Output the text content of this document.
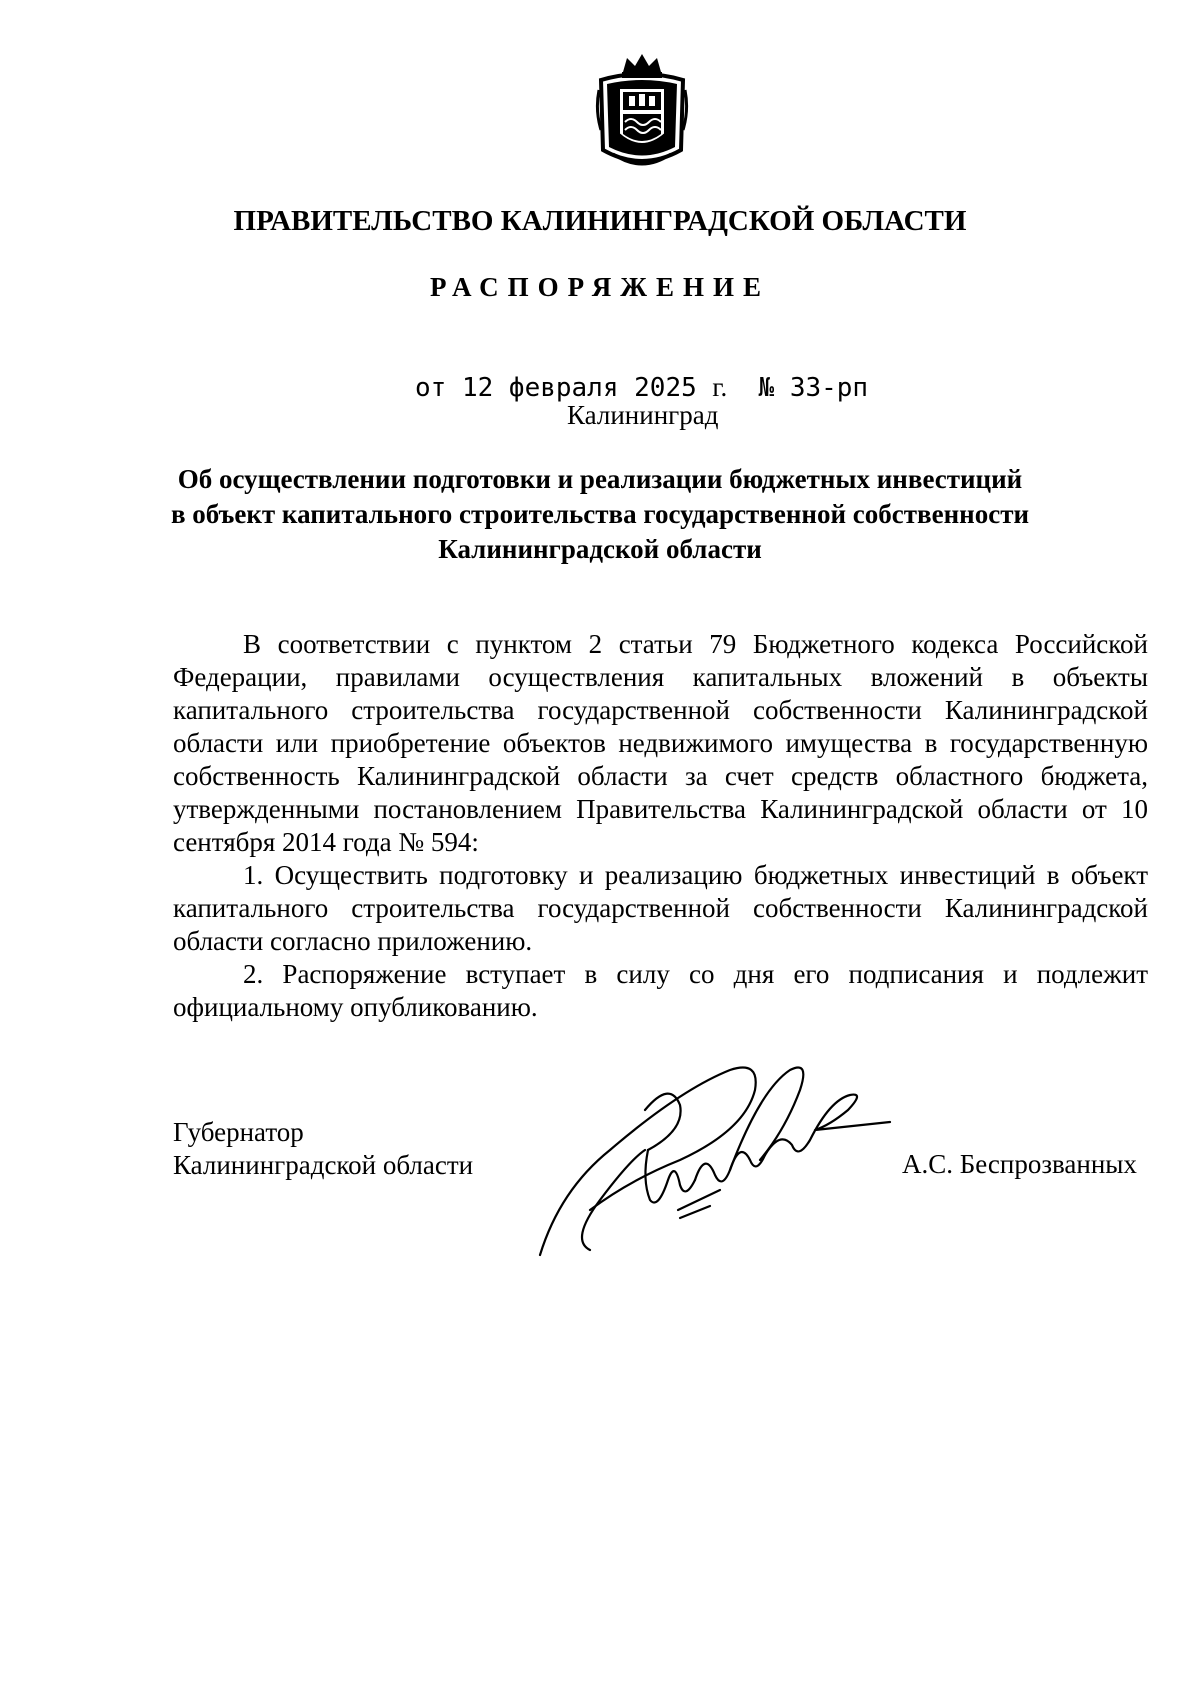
ПРАВИТЕЛЬСТВО КАЛИНИНГРАДСКОЙ ОБЛАСТИ
РАСПОРЯЖЕНИЕ
от 12 февраля 2025 г. № 33-рп
Калининград
Об осуществлении подготовки и реализации бюджетных инвестиций
в объект капитального строительства государственной собственности
Калининградской области

В соответствии с пунктом 2 статьи 79 Бюджетного кодекса Российской Федерации, правилами осуществления капитальных вложений в объекты капитального строительства государственной собственности Калининградской области или приобретение объектов недвижимого имущества в государственную собственность Калининградской области за счет средств областного бюджета, утвержденными постановлением Правительства Калининградской области от 10 сентября 2014 года № 594:

1. Осуществить подготовку и реализацию бюджетных инвестиций в объект капитального строительства государственной собственности Калининградской области согласно приложению.

2. Распоряжение вступает в силу со дня его подписания и подлежит официальному опубликованию.

Губернатор
Калининградской области	А.С. Беспрозванных
